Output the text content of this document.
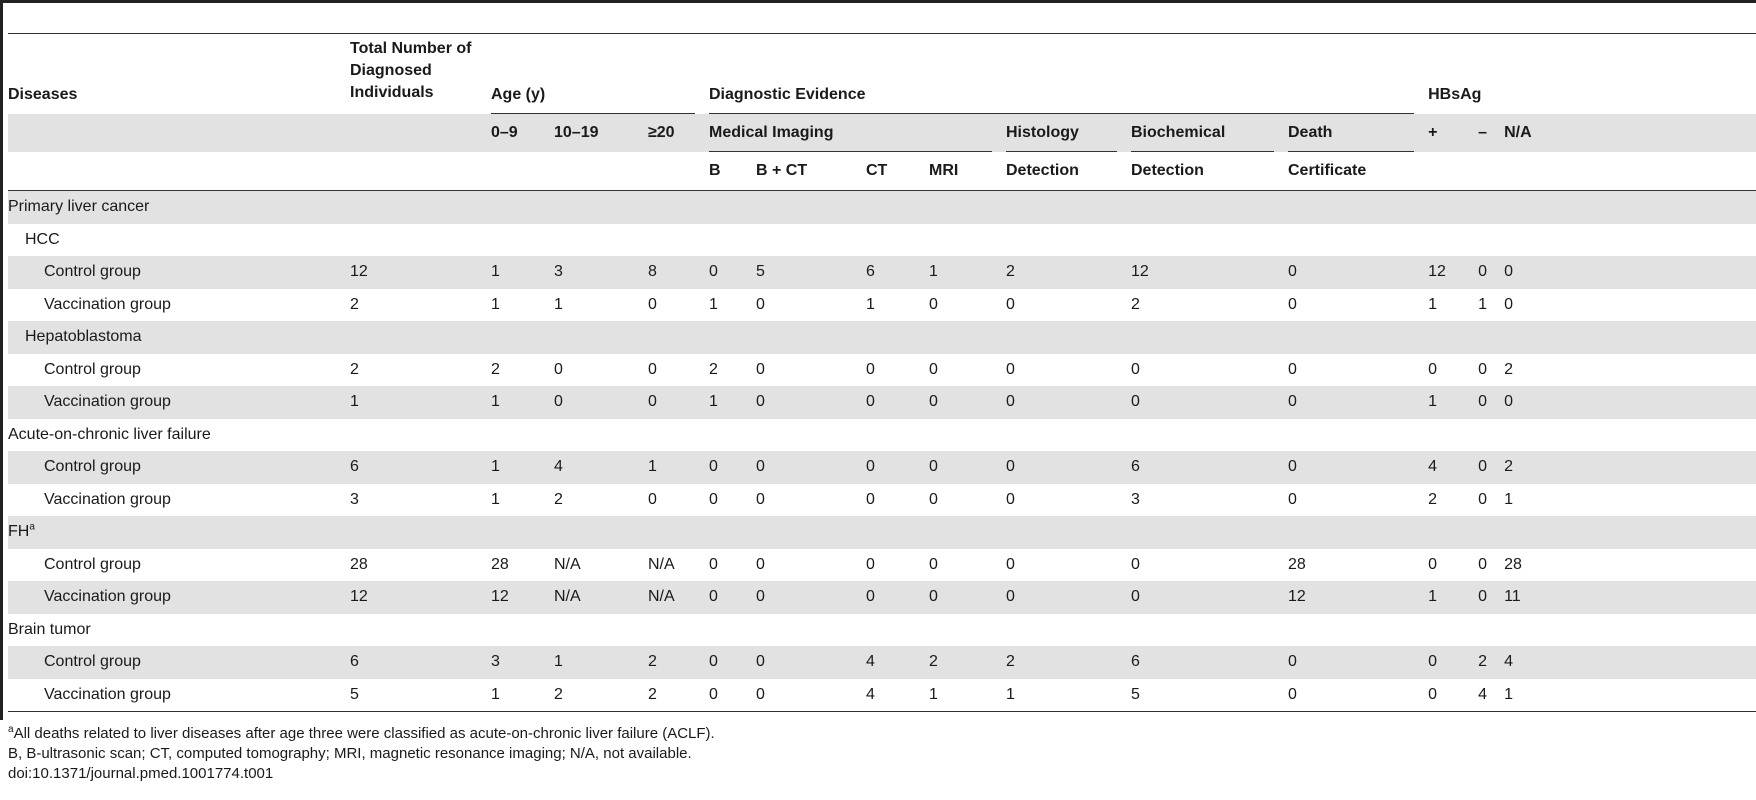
Diseases	Total Number of Diagnosed Individuals	Age (y)			Diagnostic Evidence							HBsAg		
		0–9	10–19	≥20	Medical Imaging				Histology	Biochemical	Death	+	–	N/A
					B	B + CT	CT	MRI	Detection	Detection	Certificate			
Primary liver cancer														
HCC														
Control group	12	1	3	8	0	5	6	1	2	12	0	12	0	0
Vaccination group	2	1	1	0	1	0	1	0	0	2	0	1	1	0
Hepatoblastoma														
Control group	2	2	0	0	2	0	0	0	0	0	0	0	0	2
Vaccination group	1	1	0	0	1	0	0	0	0	0	0	1	0	0
Acute-on-chronic liver failure														
Control group	6	1	4	1	0	0	0	0	0	6	0	4	0	2
Vaccination group	3	1	2	0	0	0	0	0	0	3	0	2	0	1
$FH^a$														
Control group	28	28	N/A	N/A	0	0	0	0	0	0	28	0	0	28
Vaccination group	12	12	N/A	N/A	0	0	0	0	0	0	12	1	0	11
Brain tumor														
Control group	6	3	1	2	0	0	4	2	2	6	0	0	2	4
Vaccination group	5	1	2	2	0	0	4	1	1	5	0	0	4	1
$^a$All deaths related to liver diseases after age three were classified as acute-on-chronic liver failure (ACLF).
B, B-ultrasonic scan; CT, computed tomography; MRI, magnetic resonance imaging; N/A, not available.
doi:10.1371/journal.pmed.1001774.t001
